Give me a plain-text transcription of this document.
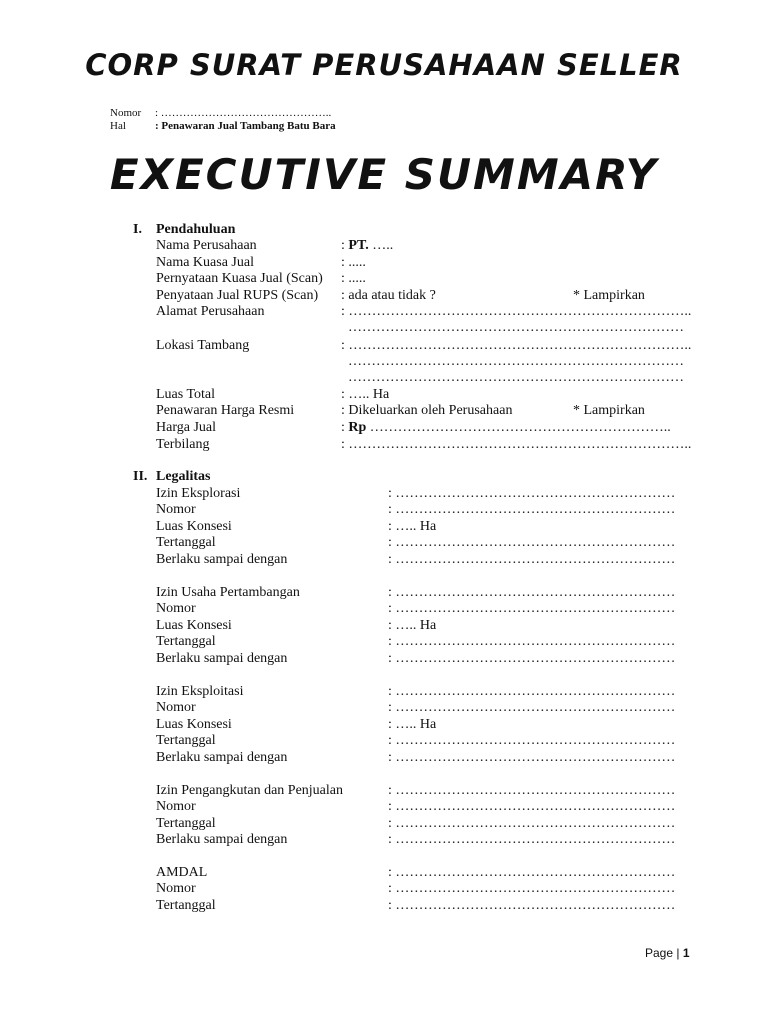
CORP SURAT PERUSAHAAN SELLER
Nomor : ………………………………………..
Hal	: Penawaran Jual Tambang Batu Bara
EXECUTIVE SUMMARY
I. Pendahuluan
Nama Perusahaan	: PT. …..
Nama Kuasa Jual	: .....
Pernyataan Kuasa Jual (Scan) : .....
Penyataan Jual RUPS (Scan) : ada atau tidak ?	* Lampirkan
Alamat Perusahaan	: ………………………………………………………………..
………………………………………………………………
Lokasi Tambang	: ………………………………………………………………..
………………………………………………………………
………………………………………………………………
Luas Total	: ….. Ha
Penawaran Harga Resmi	: Dikeluarkan oleh Perusahaan	* Lampirkan
Harga Jual	: Rp ………………………………………………………..
Terbilang	: ………………………………………………………………..
II. Legalitas
Izin Eksplorasi	: ……………………………………………………
Nomor	: ……………………………………………………
Luas Konsesi	: ….. Ha
Tertanggal	: ……………………………………………………
Berlaku sampai dengan	: ……………………………………………………
Izin Usaha Pertambangan	: ……………………………………………………
Nomor	: ……………………………………………………
Luas Konsesi	: ….. Ha
Tertanggal	: ……………………………………………………
Berlaku sampai dengan	: ……………………………………………………
Izin Eksploitasi	: ……………………………………………………
Nomor	: ……………………………………………………
Luas Konsesi	: ….. Ha
Tertanggal	: ……………………………………………………
Berlaku sampai dengan	: ……………………………………………………
Izin Pengangkutan dan Penjualan	: ……………………………………………………
Nomor	: ……………………………………………………
Tertanggal	: ……………………………………………………
Berlaku sampai dengan	: ……………………………………………………
AMDAL	: ……………………………………………………
Nomor	: ……………………………………………………
Tertanggal	: ……………………………………………………
Page | 1
